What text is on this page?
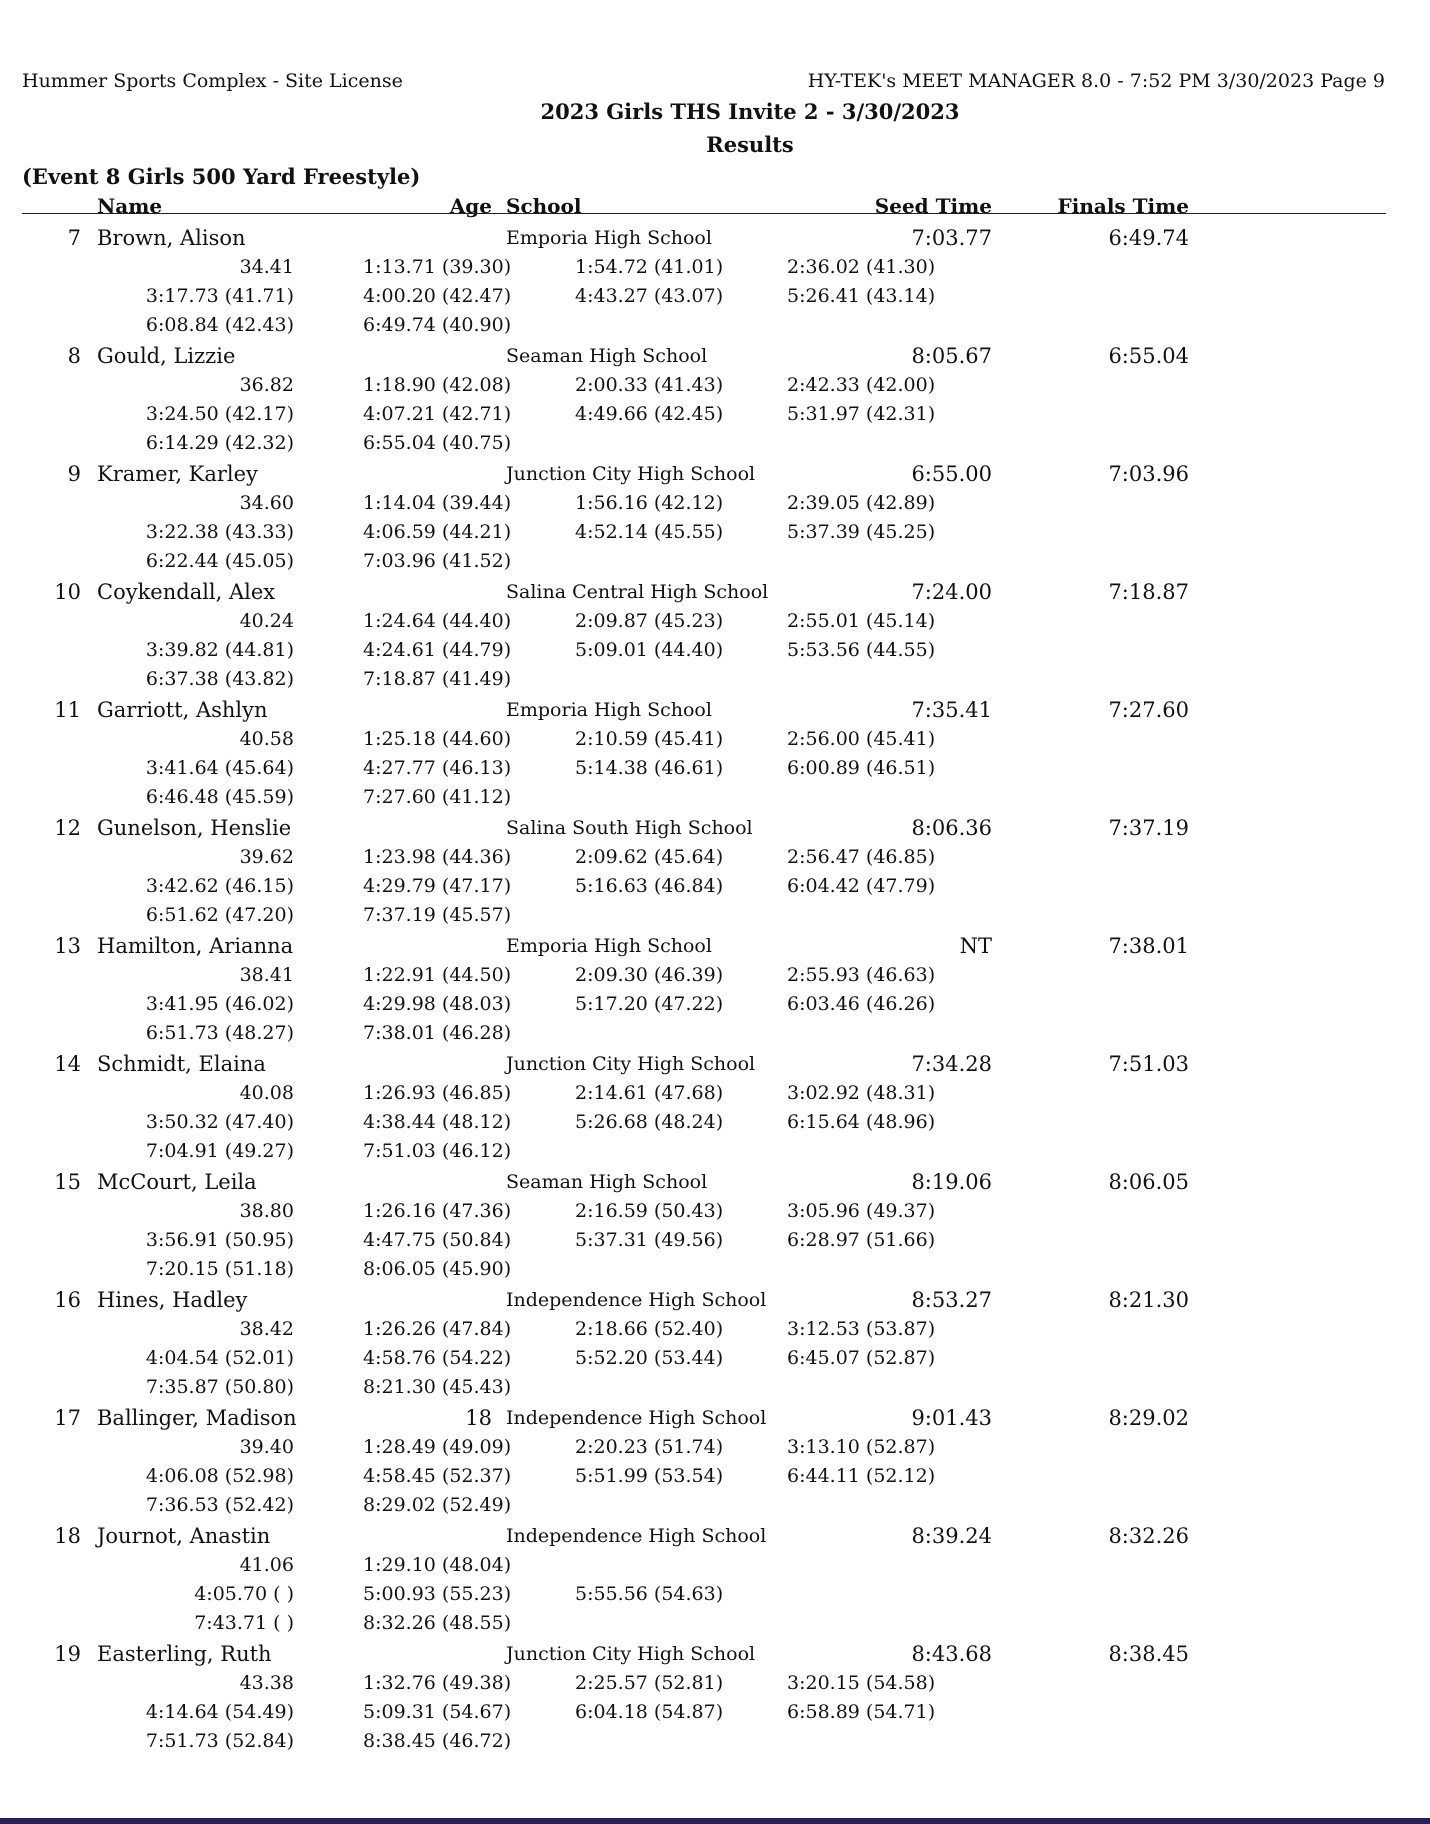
Hummer Sports Complex - Site License	HY-TEK's MEET MANAGER 8.0 - 7:52 PM 3/30/2023 Page 9
2023 Girls THS Invite 2 - 3/30/2023
Results
(Event 8 Girls 500 Yard Freestyle)
Name	Age School	Seed Time	Finals Time
7 Brown, Alison	Emporia High School	7:03.77	6:49.74
34.41	1:13.71 (39.30)	1:54.72 (41.01)	2:36.02 (41.30)
3:17.73 (41.71)	4:00.20 (42.47)	4:43.27 (43.07)	5:26.41 (43.14)
6:08.84 (42.43)	6:49.74 (40.90)
8 Gould, Lizzie	Seaman High School	8:05.67	6:55.04
36.82	1:18.90 (42.08)	2:00.33 (41.43)	2:42.33 (42.00)
3:24.50 (42.17)	4:07.21 (42.71)	4:49.66 (42.45)	5:31.97 (42.31)
6:14.29 (42.32)	6:55.04 (40.75)
9 Kramer, Karley	Junction City High School	6:55.00	7:03.96
34.60	1:14.04 (39.44)	1:56.16 (42.12)	2:39.05 (42.89)
3:22.38 (43.33)	4:06.59 (44.21)	4:52.14 (45.55)	5:37.39 (45.25)
6:22.44 (45.05)	7:03.96 (41.52)
10 Coykendall, Alex	Salina Central High School	7:24.00	7:18.87
40.24	1:24.64 (44.40)	2:09.87 (45.23)	2:55.01 (45.14)
3:39.82 (44.81)	4:24.61 (44.79)	5:09.01 (44.40)	5:53.56 (44.55)
6:37.38 (43.82)	7:18.87 (41.49)
11 Garriott, Ashlyn	Emporia High School	7:35.41	7:27.60
40.58	1:25.18 (44.60)	2:10.59 (45.41)	2:56.00 (45.41)
3:41.64 (45.64)	4:27.77 (46.13)	5:14.38 (46.61)	6:00.89 (46.51)
6:46.48 (45.59)	7:27.60 (41.12)
12 Gunelson, Henslie	Salina South High School	8:06.36	7:37.19
39.62	1:23.98 (44.36)	2:09.62 (45.64)	2:56.47 (46.85)
3:42.62 (46.15)	4:29.79 (47.17)	5:16.63 (46.84)	6:04.42 (47.79)
6:51.62 (47.20)	7:37.19 (45.57)
13 Hamilton, Arianna	Emporia High School	NT	7:38.01
38.41	1:22.91 (44.50)	2:09.30 (46.39)	2:55.93 (46.63)
3:41.95 (46.02)	4:29.98 (48.03)	5:17.20 (47.22)	6:03.46 (46.26)
6:51.73 (48.27)	7:38.01 (46.28)
14 Schmidt, Elaina	Junction City High School	7:34.28	7:51.03
40.08	1:26.93 (46.85)	2:14.61 (47.68)	3:02.92 (48.31)
3:50.32 (47.40)	4:38.44 (48.12)	5:26.68 (48.24)	6:15.64 (48.96)
7:04.91 (49.27)	7:51.03 (46.12)
15 McCourt, Leila	Seaman High School	8:19.06	8:06.05
38.80	1:26.16 (47.36)	2:16.59 (50.43)	3:05.96 (49.37)
3:56.91 (50.95)	4:47.75 (50.84)	5:37.31 (49.56)	6:28.97 (51.66)
7:20.15 (51.18)	8:06.05 (45.90)
16 Hines, Hadley	Independence High School	8:53.27	8:21.30
38.42	1:26.26 (47.84)	2:18.66 (52.40)	3:12.53 (53.87)
4:04.54 (52.01)	4:58.76 (54.22)	5:52.20 (53.44)	6:45.07 (52.87)
7:35.87 (50.80)	8:21.30 (45.43)
17 Ballinger, Madison	18 Independence High School	9:01.43	8:29.02
39.40	1:28.49 (49.09)	2:20.23 (51.74)	3:13.10 (52.87)
4:06.08 (52.98)	4:58.45 (52.37)	5:51.99 (53.54)	6:44.11 (52.12)
7:36.53 (52.42)	8:29.02 (52.49)
18 Journot, Anastin	Independence High School	8:39.24	8:32.26
41.06	1:29.10 (48.04)
4:05.70 ( )	5:00.93 (55.23)	5:55.56 (54.63)
7:43.71 ( )	8:32.26 (48.55)
19 Easterling, Ruth	Junction City High School	8:43.68	8:38.45
43.38	1:32.76 (49.38)	2:25.57 (52.81)	3:20.15 (54.58)
4:14.64 (54.49)	5:09.31 (54.67)	6:04.18 (54.87)	6:58.89 (54.71)
7:51.73 (52.84)	8:38.45 (46.72)
